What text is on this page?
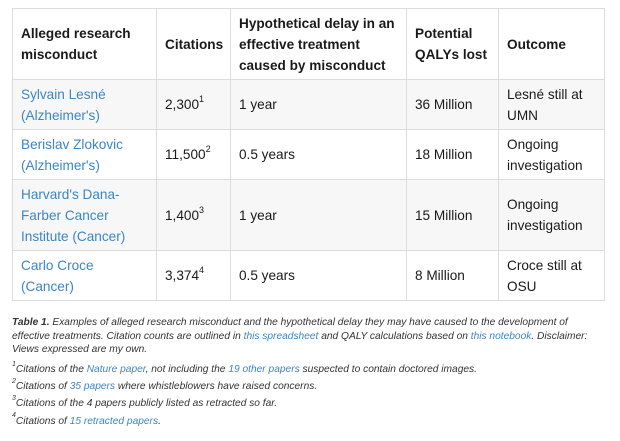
Alleged research misconduct	Citations	Hypothetical delay in an effective treatment caused by misconduct	Potential QALYs lost	Outcome
Sylvain Lesné (Alzheimer's)	2,300$^1$	1 year	36 Million	Lesné still at UMN
Berislav Zlokovic (Alzheimer's)	11,500$^2$	0.5 years	18 Million	Ongoing investigation
Harvard's Dana-Farber Cancer Institute (Cancer)	1,400$^3$	1 year	15 Million	Ongoing investigation
Carlo Croce (Cancer)	3,374$^4$	0.5 years	8 Million	Croce still at OSU
Table 1. Examples of alleged research misconduct and the hypothetical delay they may have caused to the development of effective treatments. Citation counts are outlined in this spreadsheet and QALY calculations based on this notebook. Disclaimer: Views expressed are my own.
$^1$Citations of the Nature paper, not including the 19 other papers suspected to contain doctored images.
$^2$Citations of 35 papers where whistleblowers have raised concerns.
$^3$Citations of the 4 papers publicly listed as retracted so far.
$^4$Citations of 15 retracted papers.
